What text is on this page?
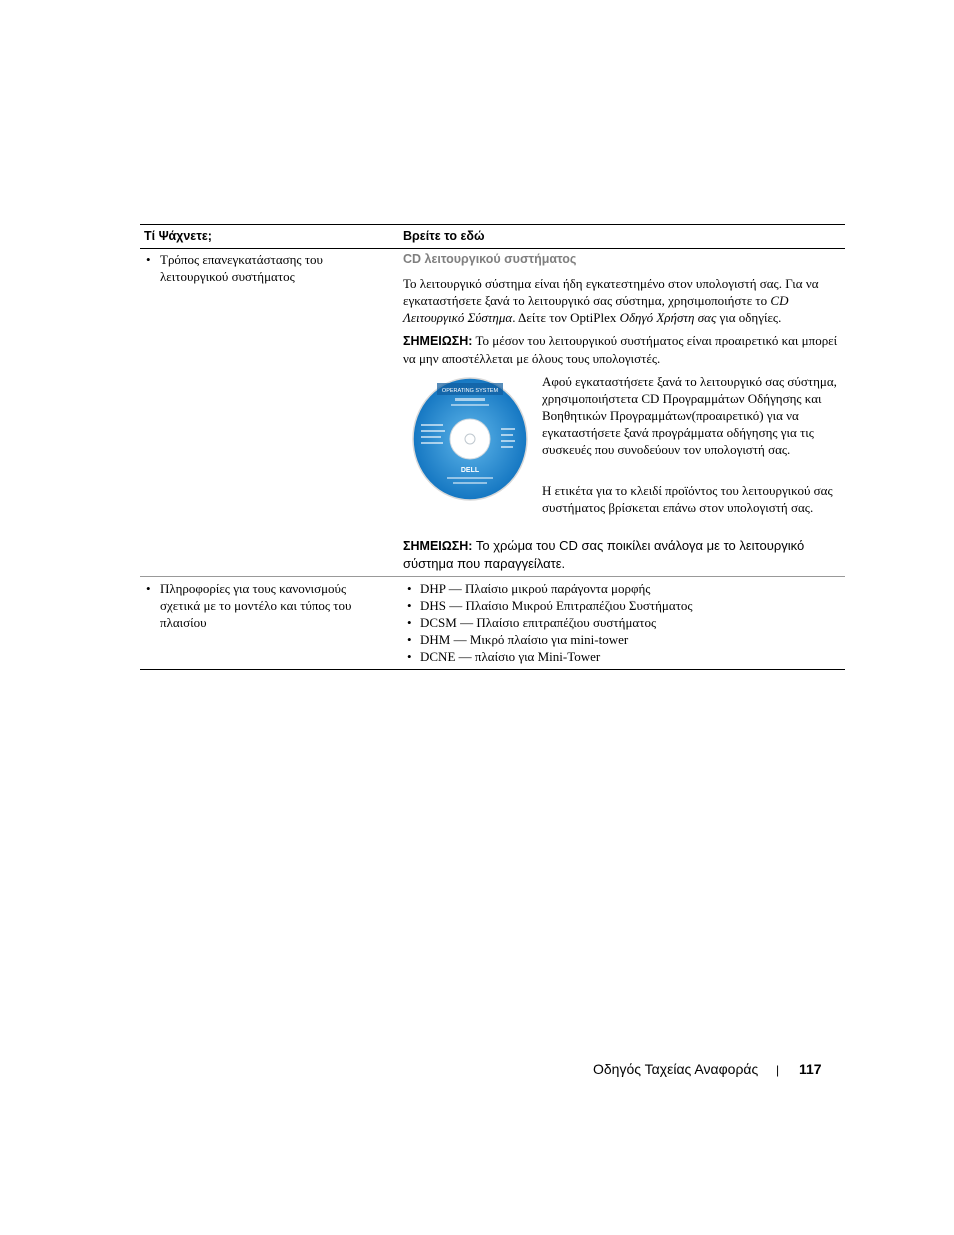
Τί Ψάχνετε;	Βρείτε το εδώ
• Τρόπος επανεγκατάστασης του λειτουργικού συστήματος
CD λειτουργικού συστήματος
Το λειτουργικό σύστημα είναι ήδη εγκατεστημένο στον υπολογιστή σας. Για να εγκαταστήσετε ξανά το λειτουργικό σας σύστημα, χρησιμοποιήστε το CD Λειτουργικό Σύστημα. Δείτε τον OptiPlex Οδηγό Χρήστη σας για οδηγίες.
ΣΗΜΕΙΩΣΗ: Το μέσον του λειτουργικού συστήματος είναι προαιρετικό και μπορεί να μην αποστέλλεται με όλους τους υπολογιστές.
OPERATING SYSTEM
DELL
Αφού εγκαταστήσετε ξανά το λειτουργικό σας σύστημα, χρησιμοποιήστετα CD Προγραμμάτων Οδήγησης και Βοηθητικών Προγραμμάτων(προαιρετικό) για να εγκαταστήσετε ξανά προγράμματα οδήγησης για τις συσκευές που συνοδεύουν τον υπολογιστή σας.
Η ετικέτα για το κλειδί προϊόντος του λειτουργικού σας συστήματος βρίσκεται επάνω στον υπολογιστή σας.
ΣΗΜΕΙΩΣΗ: Το χρώμα του CD σας ποικίλει ανάλογα με το λειτουργικό σύστημα που παραγγείλατε.
• Πληροφορίες για τους κανονισμούς σχετικά με το μοντέλο και τύπος του πλαισίου
• DHP — Πλαίσιο μικρού παράγοντα μορφής
• DHS — Πλαίσιο Μικρού Επιτραπέζιου Συστήματος
• DCSM — Πλαίσιο επιτραπέζιου συστήματος
• DHM — Μικρό πλαίσιο για mini-tower
• DCNE — πλαίσιο για Mini-Tower
Οδηγός Ταχείας Αναφοράς | 117
